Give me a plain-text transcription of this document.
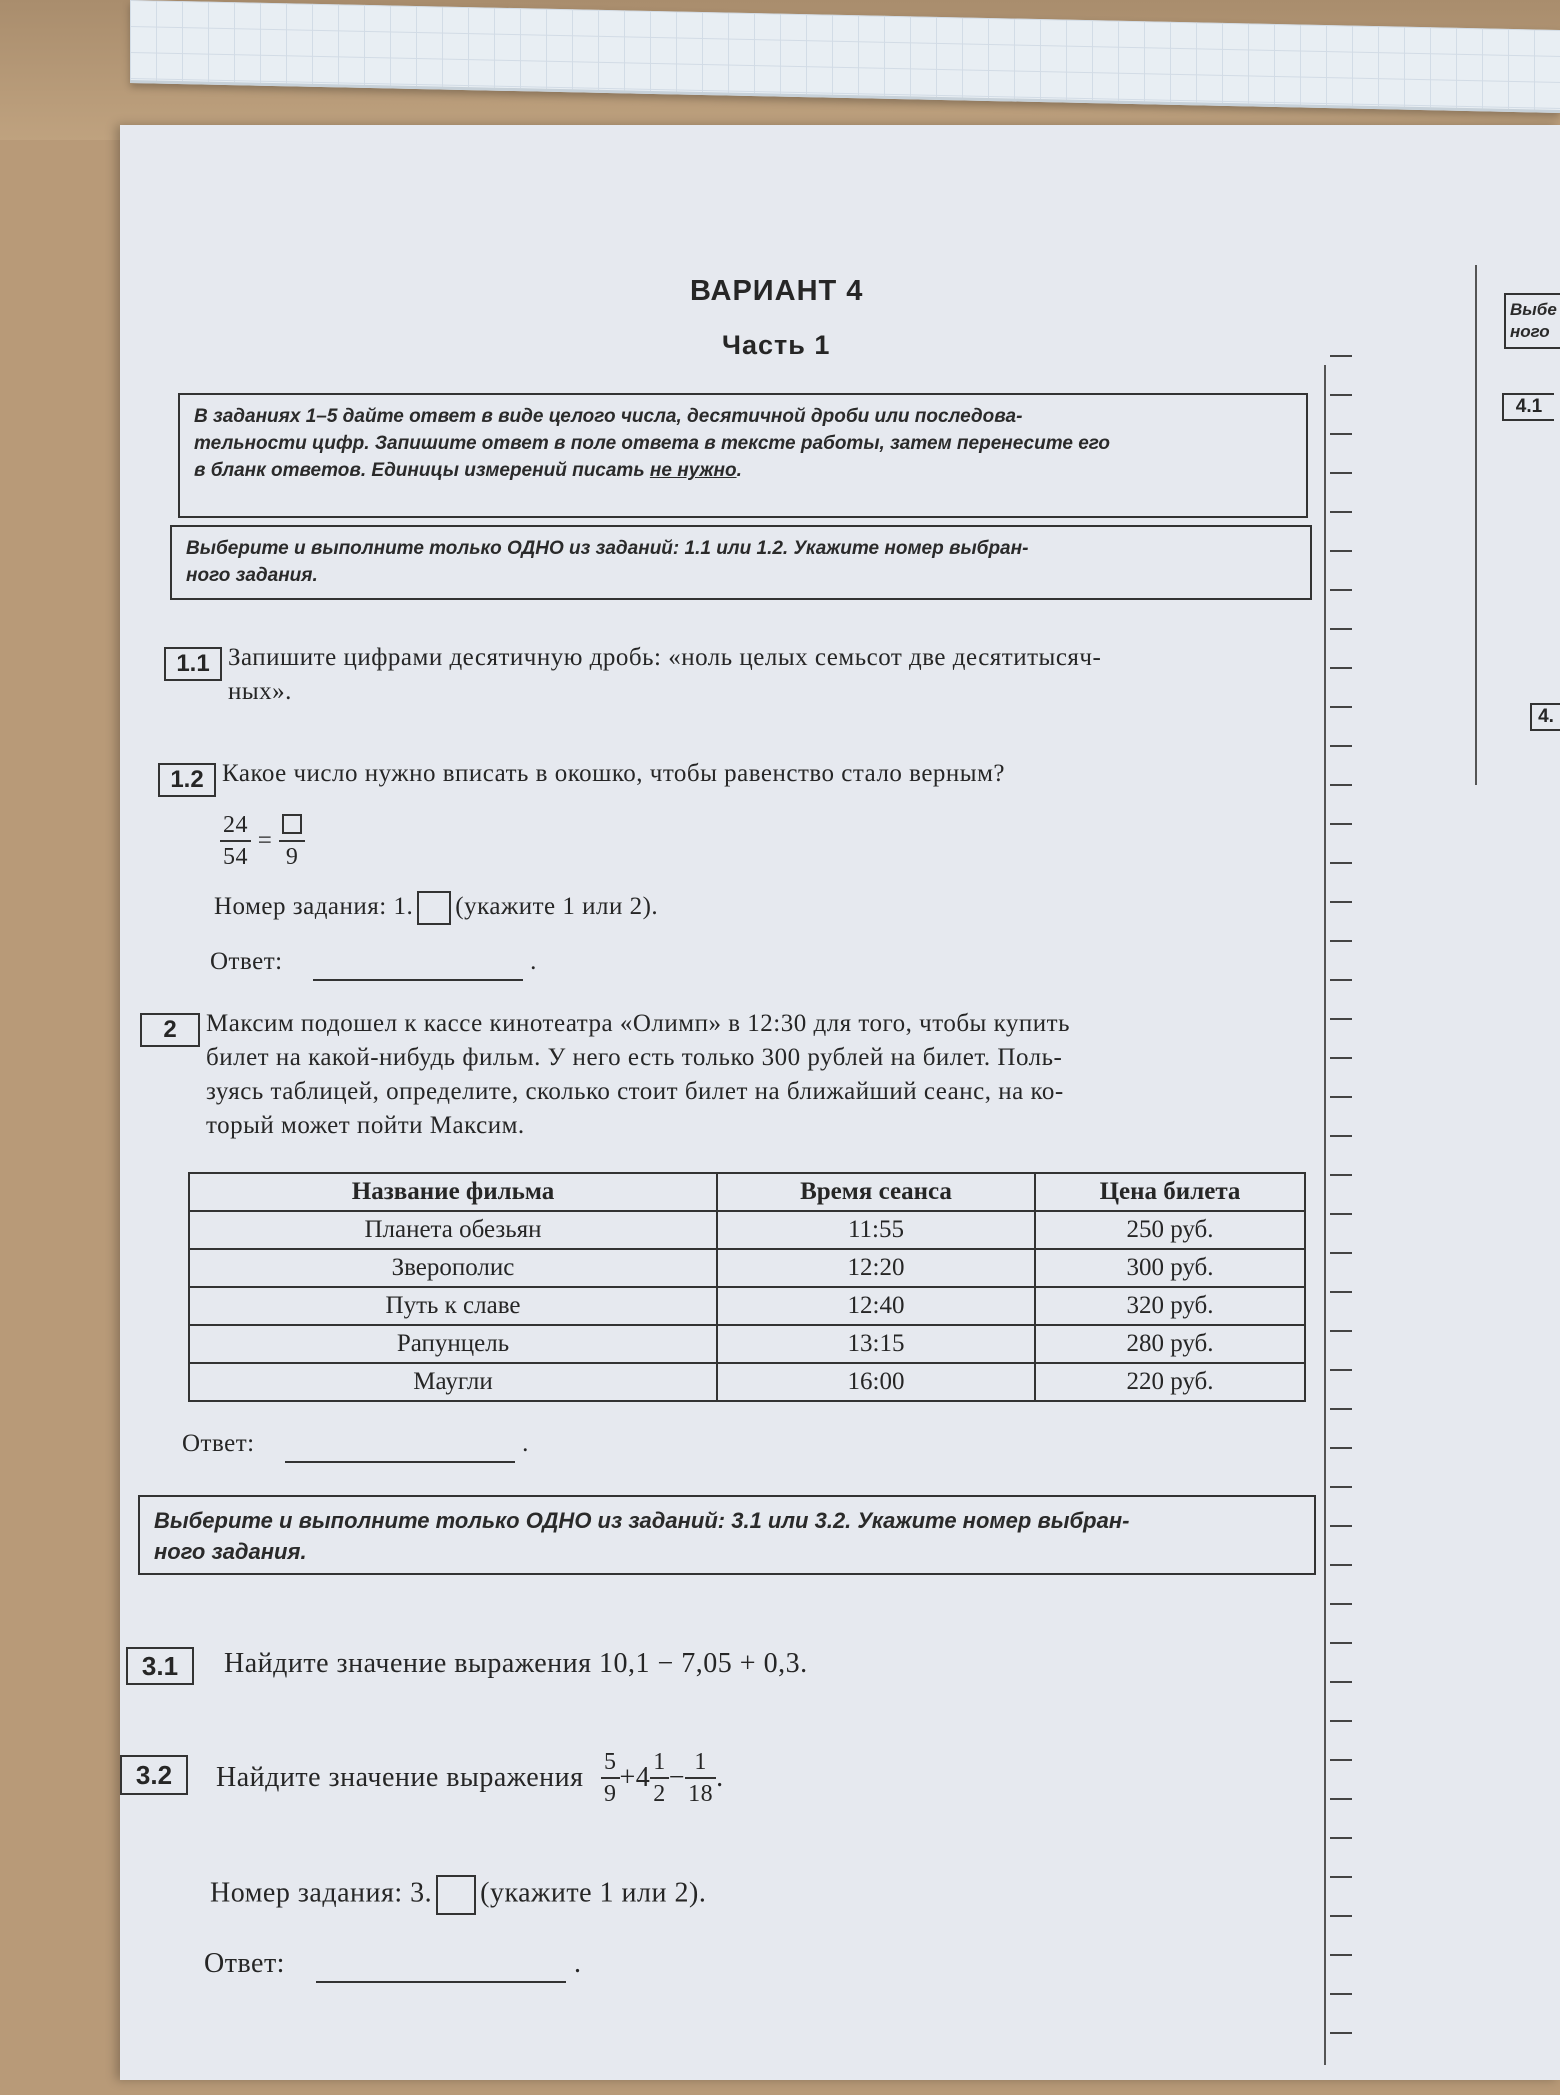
ВАРИАНТ 4
Часть 1
В заданиях 1–5 дайте ответ в виде целого числа, десятичной дроби или последова-
тельности цифр. Запишите ответ в поле ответа в тексте работы, затем перенесите его
в бланк ответов. Единицы измерений писать не нужно.
Выберите и выполните только ОДНО из заданий: 1.1 или 1.2. Укажите номер выбран-
ного задания.
1.1 Запишите цифрами десятичную дробь: «ноль целых семьсот две десятитысяч-
ных».
1.2 Какое число нужно вписать в окошко, чтобы равенство стало верным?
$\frac{24}{54}$ =
9
Номер задания: 1. (укажите 1 или 2).
Ответ:	.
2	Максим подошел к кассе кинотеатра «Олимп» в 12:30 для того, чтобы купить
билет на какой-нибудь фильм. У него есть только 300 рублей на билет. Поль-
зуясь таблицей, определите, сколько стоит билет на ближайший сеанс, на ко-
торый может пойти Максим.
Название фильма	Время сеанса	Цена билета
Планета обезьян	11:55	250 руб.
Зверополис	12:20	300 руб.
Путь к славе	12:40	320 руб.
Рапунцель	13:15	280 руб.
Маугли	16:00	220 руб.
Ответ:	.
Выберите и выполните только ОДНО из заданий: 3.1 или 3.2. Укажите номер выбран-
ного задания.
3.1	Найдите значение выражения 10,1 − 7,05 + 0,3.
3.2	Найдите значение выражения $\frac{5}{9} +4 \frac{1}{2} - \frac{1}{18}$ .
Номер задания: 3. (укажите 1 или 2).
Ответ:	.
Выбе
ного
4.1
4.
